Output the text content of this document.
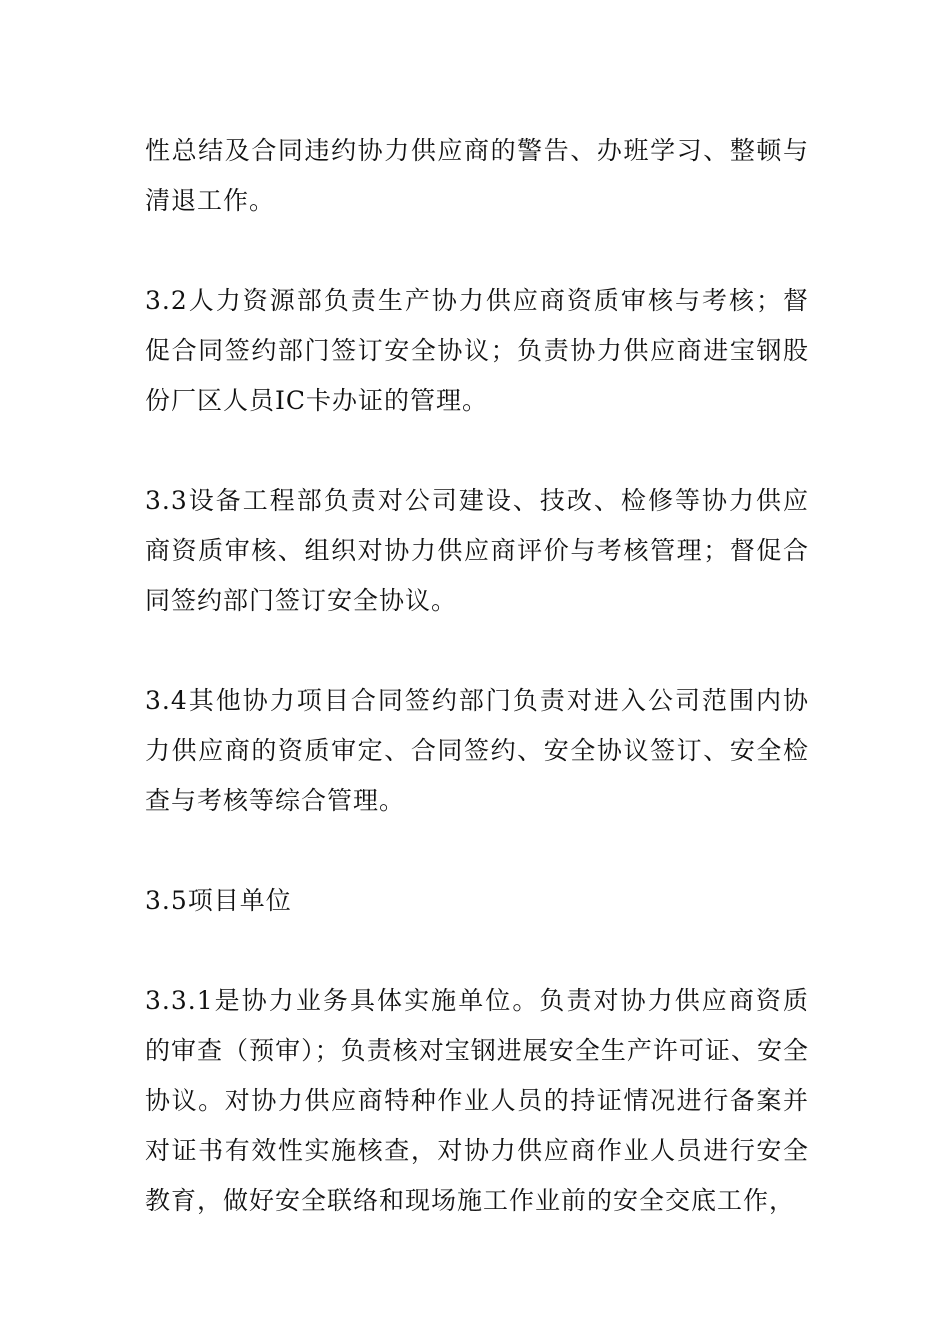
性总结及合同违约协力供应商的警告、办班学习、整顿与清退工作。

3.2人力资源部负责生产协力供应商资质审核与考核；督促合同签约部门签订安全协议；负责协力供应商进宝钢股份厂区人员IC卡办证的管理。

3.3设备工程部负责对公司建设、技改、检修等协力供应商资质审核、组织对协力供应商评价与考核管理；督促合同签约部门签订安全协议。

3.4其他协力项目合同签约部门负责对进入公司范围内协力供应商的资质审定、合同签约、安全协议签订、安全检查与考核等综合管理。

3.5项目单位

3.3.1是协力业务具体实施单位。负责对协力供应商资质的审查（预审）；负责核对宝钢进展安全生产许可证、安全协议。对协力供应商特种作业人员的持证情况进行备案并对证书有效性实施核查，对协力供应商作业人员进行安全教育，做好安全联络和现场施工作业前的安全交底工作，
